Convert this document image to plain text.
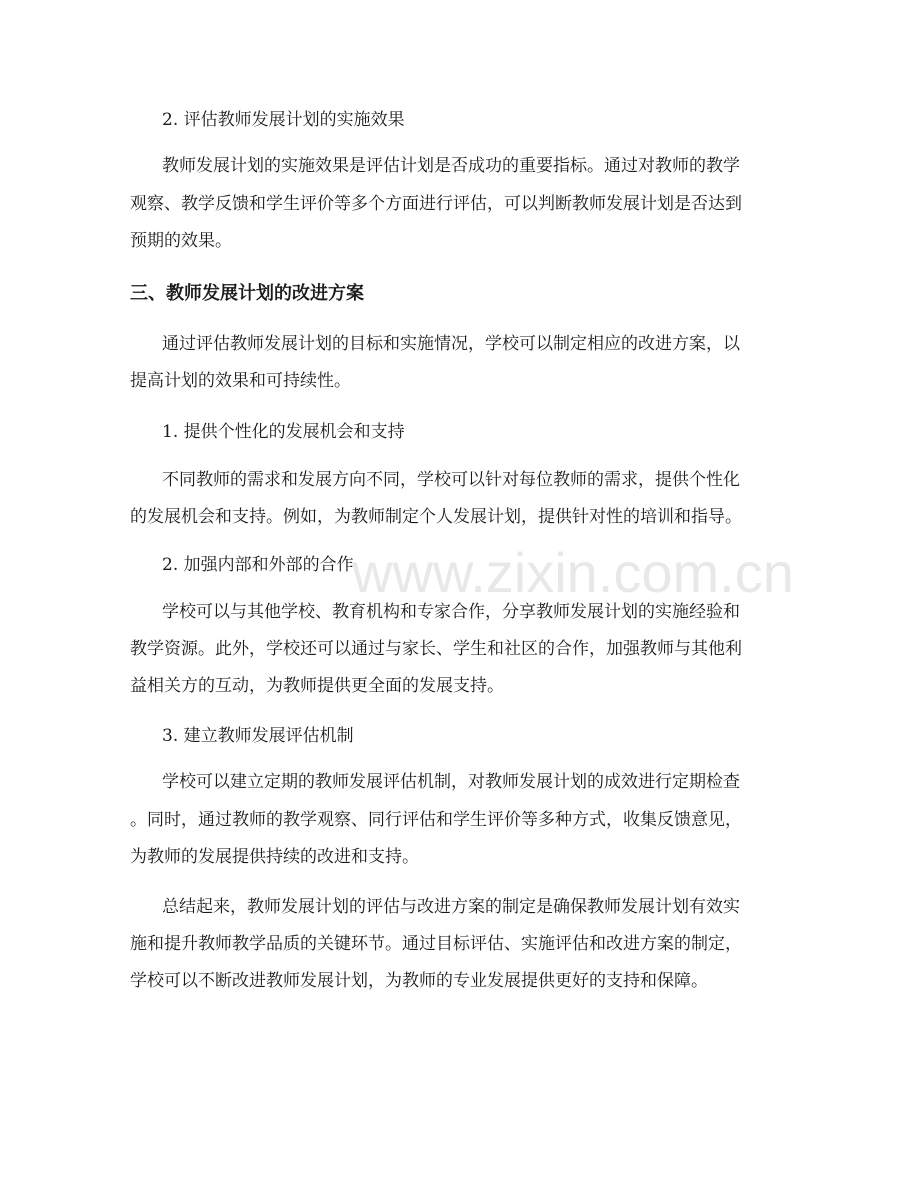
2. 评估教师发展计划的实施效果

教师发展计划的实施效果是评估计划是否成功的重要指标。通过对教师的教学

观察、教学反馈和学生评价等多个方面进行评估，可以判断教师发展计划是否达到

预期的效果。

三、教师发展计划的改进方案

通过评估教师发展计划的目标和实施情况，学校可以制定相应的改进方案，以

提高计划的效果和可持续性。

1. 提供个性化的发展机会和支持

不同教师的需求和发展方向不同，学校可以针对每位教师的需求，提供个性化

的发展机会和支持。例如，为教师制定个人发展计划，提供针对性的培训和指导。

2. 加强内部和外部的合作

学校可以与其他学校、教育机构和专家合作，分享教师发展计划的实施经验和

教学资源。此外，学校还可以通过与家长、学生和社区的合作，加强教师与其他利

益相关方的互动，为教师提供更全面的发展支持。

3. 建立教师发展评估机制

学校可以建立定期的教师发展评估机制，对教师发展计划的成效进行定期检查

。同时，通过教师的教学观察、同行评估和学生评价等多种方式，收集反馈意见，

为教师的发展提供持续的改进和支持。

总结起来，教师发展计划的评估与改进方案的制定是确保教师发展计划有效实

施和提升教师教学品质的关键环节。通过目标评估、实施评估和改进方案的制定，

学校可以不断改进教师发展计划，为教师的专业发展提供更好的支持和保障。

www.zixin.com.cn
